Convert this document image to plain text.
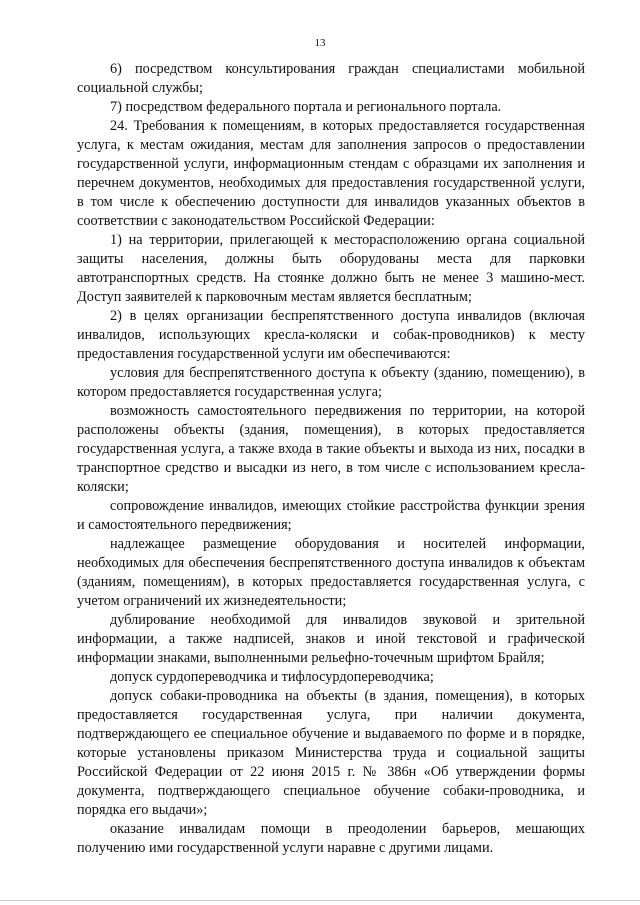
13

6) посредством консультирования граждан специалистами мобильной социальной службы;

7) посредством федерального портала и регионального портала.

24. Требования к помещениям, в которых предоставляется государственная услуга, к местам ожидания, местам для заполнения запросов о предоставлении государственной услуги, информационным стендам с образцами их заполнения и перечнем документов, необходимых для предоставления государственной услуги, в том числе к обеспечению доступности для инвалидов указанных объектов в соответствии с законодательством Российской Федерации:

1) на территории, прилегающей к месторасположению органа социальной защиты населения, должны быть оборудованы места для парковки автотранспортных средств. На стоянке должно быть не менее 3 машино-мест. Доступ заявителей к парковочным местам является бесплатным;

2) в целях организации беспрепятственного доступа инвалидов (включая инвалидов, использующих кресла-коляски и собак-проводников) к месту предоставления государственной услуги им обеспечиваются:

условия для беспрепятственного доступа к объекту (зданию, помещению), в котором предоставляется государственная услуга;

возможность самостоятельного передвижения по территории, на которой расположены объекты (здания, помещения), в которых предоставляется государственная услуга, а также входа в такие объекты и выхода из них, посадки в транспортное средство и высадки из него, в том числе с использованием кресла-коляски;

сопровождение инвалидов, имеющих стойкие расстройства функции зрения и самостоятельного передвижения;

надлежащее размещение оборудования и носителей информации, необходимых для обеспечения беспрепятственного доступа инвалидов к объектам (зданиям, помещениям), в которых предоставляется государственная услуга, с учетом ограничений их жизнедеятельности;

дублирование необходимой для инвалидов звуковой и зрительной информации, а также надписей, знаков и иной текстовой и графической информации знаками, выполненными рельефно-точечным шрифтом Брайля;

допуск сурдопереводчика и тифлосурдопереводчика;

допуск собаки-проводника на объекты (в здания, помещения), в которых предоставляется государственная услуга, при наличии документа, подтверждающего ее специальное обучение и выдаваемого по форме и в порядке, которые установлены приказом Министерства труда и социальной защиты Российской Федерации от 22 июня 2015 г. № 386н «Об утверждении формы документа, подтверждающего специальное обучение собаки-проводника, и порядка его выдачи»;

оказание инвалидам помощи в преодолении барьеров, мешающих получению ими государственной услуги наравне с другими лицами.
